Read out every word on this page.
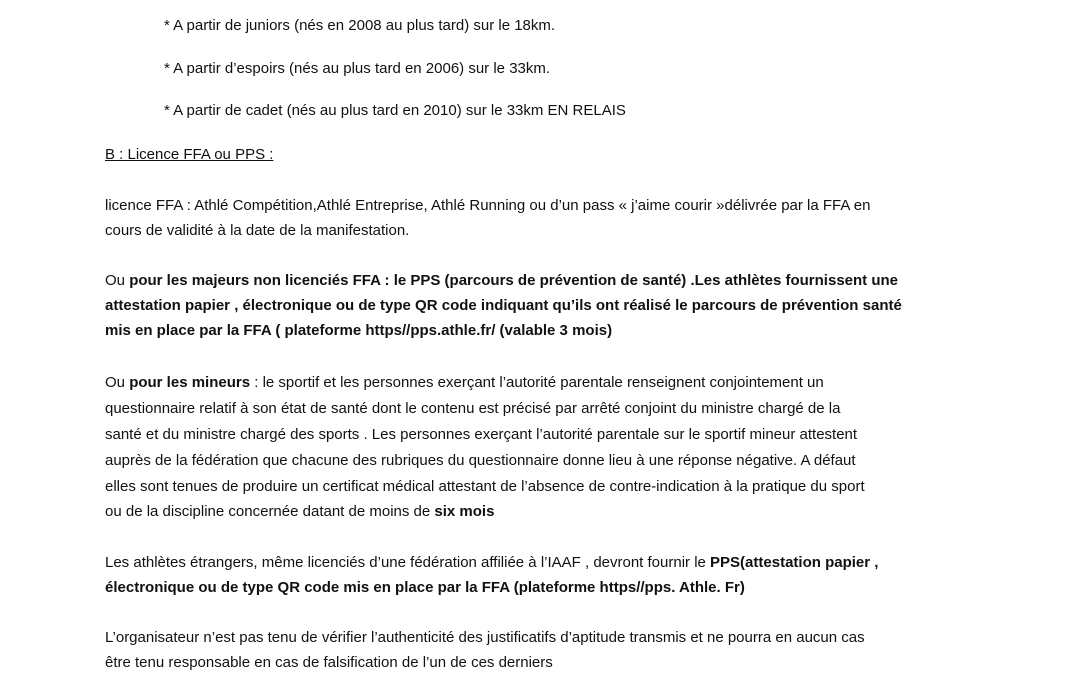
* A partir de juniors (nés en 2008 au plus tard) sur le 18km.
* A partir d’espoirs (nés au plus tard en 2006) sur le 33km.
* A partir de cadet (nés au plus tard en 2010) sur le 33km EN RELAIS
B : Licence FFA ou PPS :
licence FFA : Athlé Compétition,Athlé Entreprise, Athlé Running ou d’un pass « j’aime courir »délivrée par la FFA en
cours de validité à la date de la manifestation.
Ou pour les majeurs non licenciés FFA : le PPS (parcours de prévention de santé) .Les athlètes fournissent une
attestation papier , électronique ou de type QR code indiquant qu’ils ont réalisé le parcours de prévention santé
mis en place par la FFA ( plateforme https//pps.athle.fr/ (valable 3 mois)
Ou pour les mineurs : le sportif et les personnes exerçant l’autorité parentale renseignent conjointement un
questionnaire relatif à son état de santé dont le contenu est précisé par arrêté conjoint du ministre chargé de la
santé et du ministre chargé des sports . Les personnes exerçant l’autorité parentale sur le sportif mineur attestent
auprès de la fédération que chacune des rubriques du questionnaire donne lieu à une réponse négative. A défaut
elles sont tenues de produire un certificat médical attestant de l’absence de contre-indication à la pratique du sport
ou de la discipline concernée datant de moins de six mois
Les athlètes étrangers, même licenciés d’une fédération affiliée à l’IAAF , devront fournir le PPS(attestation papier ,
électronique ou de type QR code mis en place par la FFA (plateforme https//pps. Athle. Fr)
L’organisateur n’est pas tenu de vérifier l’authenticité des justificatifs d’aptitude transmis et ne pourra en aucun cas
être tenu responsable en cas de falsification de l’un de ces derniers
